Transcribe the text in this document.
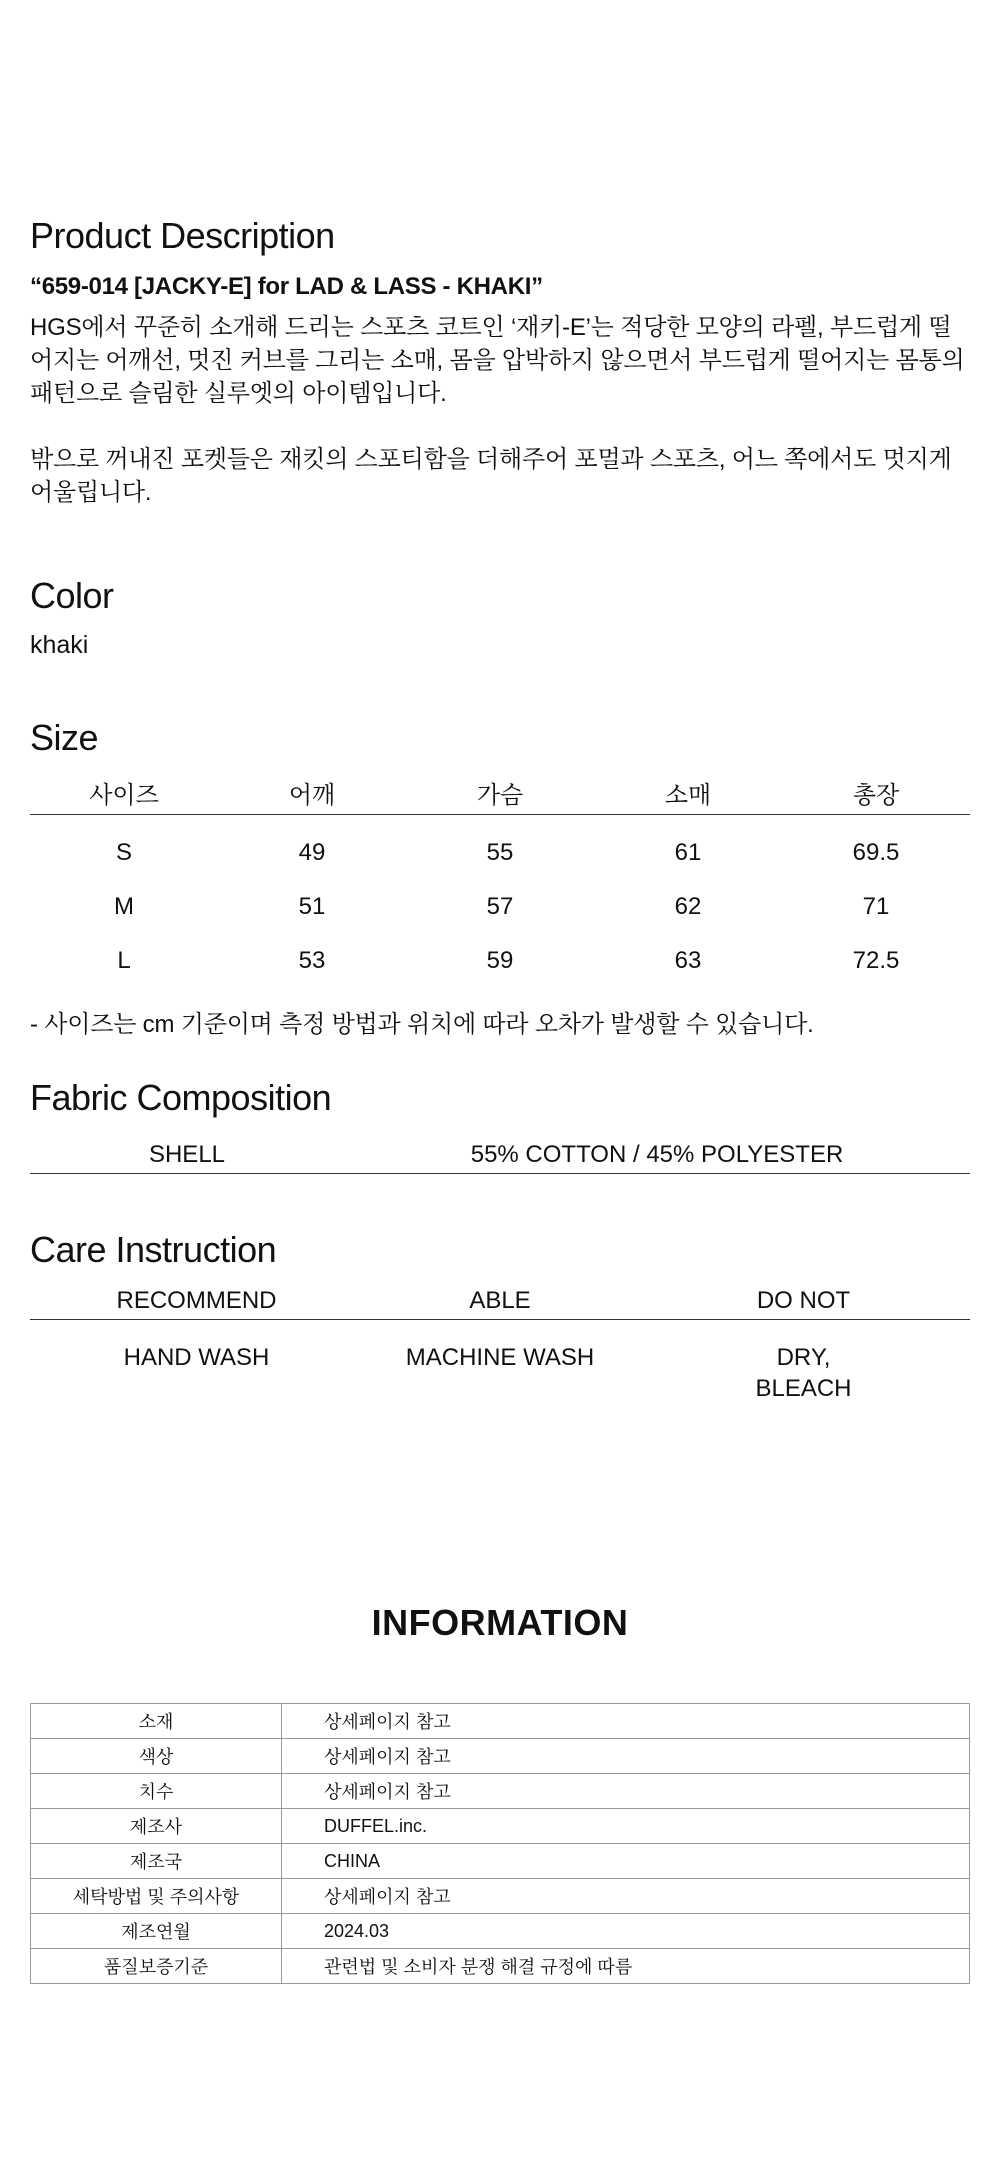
Product Description
“659-014 [JACKY-E] for LAD & LASS - KHAKI”
HGS에서 꾸준히 소개해 드리는 스포츠 코트인 ‘재키-E’는 적당한 모양의 라펠, 부드럽게 떨어지는 어깨선, 멋진 커브를 그리는 소매, 몸을 압박하지 않으면서 부드럽게 떨어지는 몸통의 패턴으로 슬림한 실루엣의 아이템입니다.
밖으로 꺼내진 포켓들은 재킷의 스포티함을 더해주어 포멀과 스포츠, 어느 쪽에서도 멋지게 어울립니다.
Color
khaki
Size
사이즈	어깨	가슴	소매	총장
S	49	55	61	69.5
M	51	57	62	71
L	53	59	63	72.5
- 사이즈는 cm 기준이며 측정 방법과 위치에 따라 오차가 발생할 수 있습니다.
Fabric Composition
SHELL	55% COTTON / 45% POLYESTER
Care Instruction
RECOMMEND	ABLE	DO NOT
HAND WASH	MACHINE WASH	DRY,
BLEACH
INFORMATION
소재	상세페이지 참고
색상	상세페이지 참고
치수	상세페이지 참고
제조사	DUFFEL.inc.
제조국	CHINA
세탁방법 및 주의사항	상세페이지 참고
제조연월	2024.03
품질보증기준	관련법 및 소비자 분쟁 해결 규정에 따름
